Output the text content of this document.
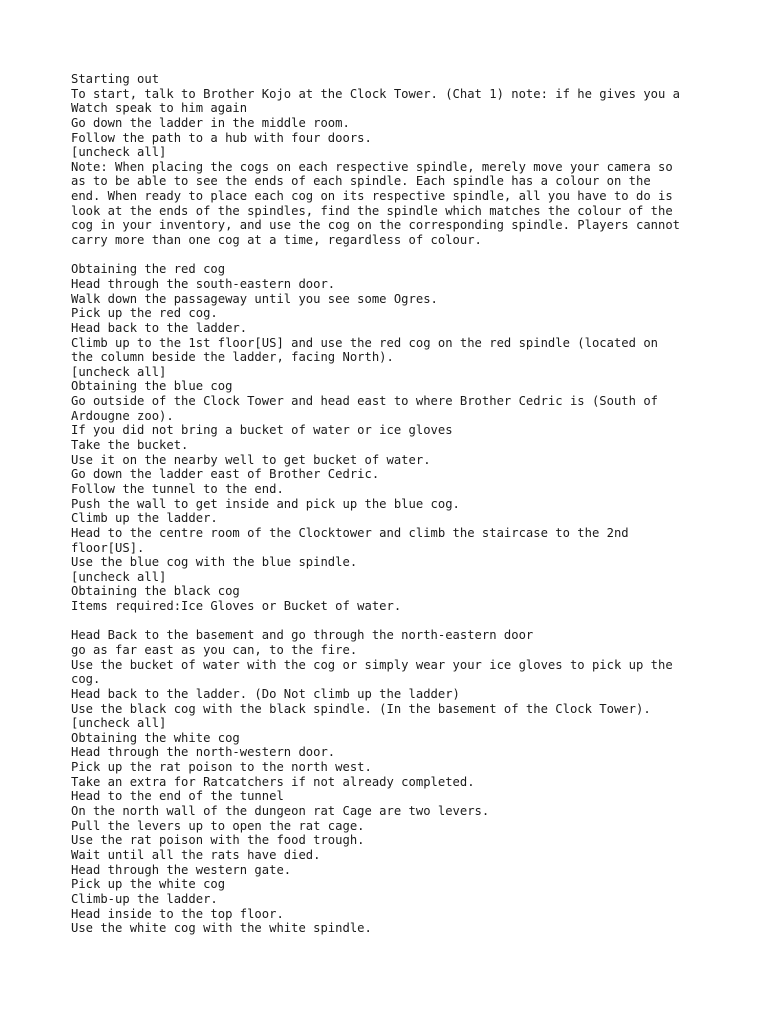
Starting out
To start, talk to Brother Kojo at the Clock Tower. (Chat 1) note: if he gives you a
Watch speak to him again
Go down the ladder in the middle room.
Follow the path to a hub with four doors.
[uncheck all]
Note: When placing the cogs on each respective spindle, merely move your camera so
as to be able to see the ends of each spindle. Each spindle has a colour on the
end. When ready to place each cog on its respective spindle, all you have to do is
look at the ends of the spindles, find the spindle which matches the colour of the
cog in your inventory, and use the cog on the corresponding spindle. Players cannot
carry more than one cog at a time, regardless of colour.
Obtaining the red cog
Head through the south-eastern door.
Walk down the passageway until you see some Ogres.
Pick up the red cog.
Head back to the ladder.
Climb up to the 1st floor[US] and use the red cog on the red spindle (located on
the column beside the ladder, facing North).
[uncheck all]
Obtaining the blue cog
Go outside of the Clock Tower and head east to where Brother Cedric is (South of
Ardougne zoo).
If you did not bring a bucket of water or ice gloves
Take the bucket.
Use it on the nearby well to get bucket of water.
Go down the ladder east of Brother Cedric.
Follow the tunnel to the end.
Push the wall to get inside and pick up the blue cog.
Climb up the ladder.
Head to the centre room of the Clocktower and climb the staircase to the 2nd
floor[US].
Use the blue cog with the blue spindle.
[uncheck all]
Obtaining the black cog
Items required:Ice Gloves or Bucket of water.
Head Back to the basement and go through the north-eastern door
go as far east as you can, to the fire.
Use the bucket of water with the cog or simply wear your ice gloves to pick up the
cog.
Head back to the ladder. (Do Not climb up the ladder)
Use the black cog with the black spindle. (In the basement of the Clock Tower).
[uncheck all]
Obtaining the white cog
Head through the north-western door.
Pick up the rat poison to the north west.
Take an extra for Ratcatchers if not already completed.
Head to the end of the tunnel
On the north wall of the dungeon rat Cage are two levers.
Pull the levers up to open the rat cage.
Use the rat poison with the food trough.
Wait until all the rats have died.
Head through the western gate.
Pick up the white cog
Climb-up the ladder.
Head inside to the top floor.
Use the white cog with the white spindle.
